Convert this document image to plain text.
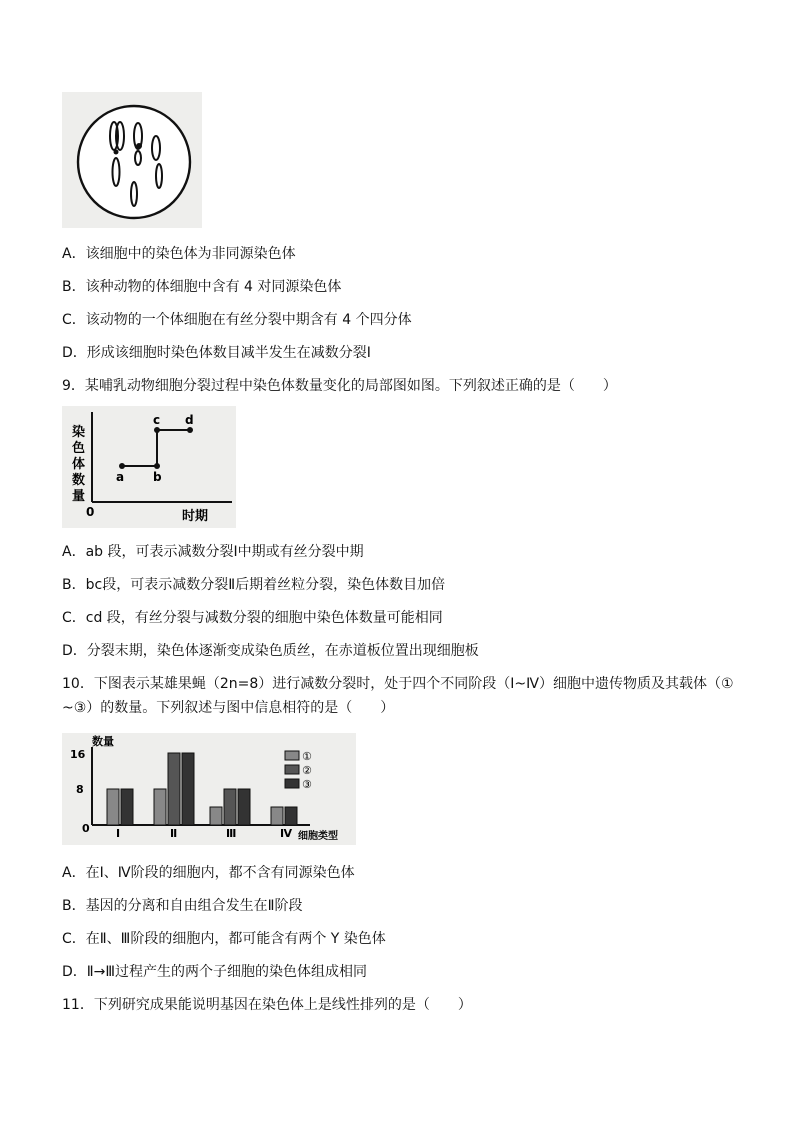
A．该细胞中的染色体为非同源染色体
B．该种动物的体细胞中含有 4 对同源染色体
C．该动物的一个体细胞在有丝分裂中期含有 4 个四分体
D．形成该细胞时染色体数目减半发生在减数分裂Ⅰ
9．某哺乳动物细胞分裂过程中染色体数量变化的局部图如图。下列叙述正确的是（　　）
染
色
体
数
量
0	时期
a b
c d
A．ab 段，可表示减数分裂Ⅰ中期或有丝分裂中期
B．bc段，可表示减数分裂Ⅱ后期着丝粒分裂，染色体数目加倍
C．cd 段，有丝分裂与减数分裂的细胞中染色体数量可能相同
D．分裂末期，染色体逐渐变成染色质丝，在赤道板位置出现细胞板
10．下图表示某雄果蝇（2n=8）进行减数分裂时，处于四个不同阶段（Ⅰ~Ⅳ）细胞中遗传物质及其载体（①
~③）的数量。下列叙述与图中信息相符的是（　　）
数量
16
8
0
细胞类型
Ⅰ	Ⅱ	Ⅲ	Ⅳ
①
②
③
A．在Ⅰ、Ⅳ阶段的细胞内，都不含有同源染色体
B．基因的分离和自由组合发生在Ⅱ阶段
C．在Ⅱ、Ⅲ阶段的细胞内，都可能含有两个 Y 染色体
D．Ⅱ→Ⅲ过程产生的两个子细胞的染色体组成相同
11．下列研究成果能说明基因在染色体上是线性排列的是（　　）
